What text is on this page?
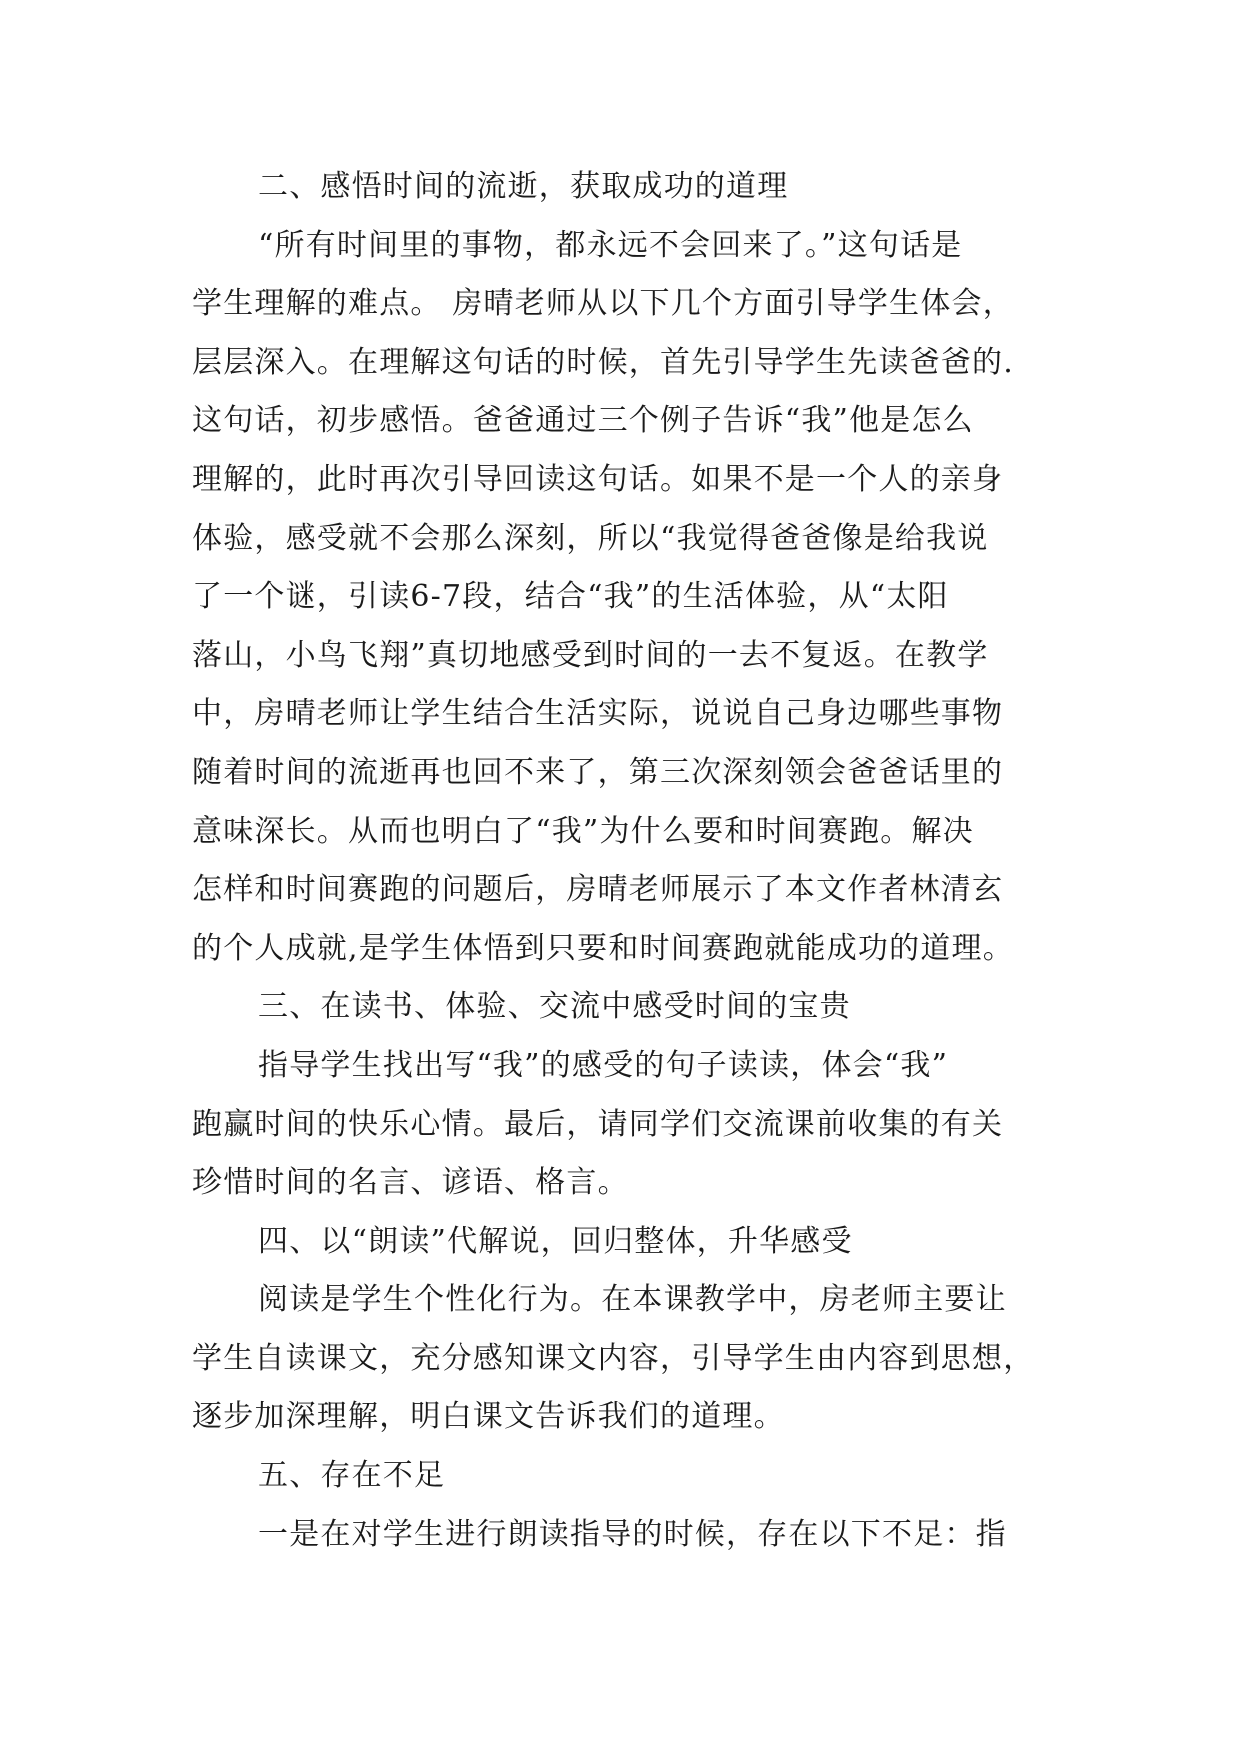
二、感悟时间的流逝，获取成功的道理
“所有时间里的事物，都永远不会回来了。”这句话是
学生理解的难点。 房晴老师从以下几个方面引导学生体会，
层层深入。在理解这句话的时候，首先引导学生先读爸爸的.
这句话，初步感悟。爸爸通过三个例子告诉“我”他是怎么
理解的，此时再次引导回读这句话。如果不是一个人的亲身
体验，感受就不会那么深刻，所以“我觉得爸爸像是给我说
了一个谜，引读6-7段，结合“我”的生活体验，从“太阳
落山，小鸟飞翔”真切地感受到时间的一去不复返。在教学
中，房晴老师让学生结合生活实际，说说自己身边哪些事物
随着时间的流逝再也回不来了，第三次深刻领会爸爸话里的
意味深长。从而也明白了“我”为什么要和时间赛跑。解决
怎样和时间赛跑的问题后，房晴老师展示了本文作者林清玄
的个人成就,是学生体悟到只要和时间赛跑就能成功的道理。
三、在读书、体验、交流中感受时间的宝贵
指导学生找出写“我”的感受的句子读读，体会“我”
跑赢时间的快乐心情。最后，请同学们交流课前收集的有关
珍惜时间的名言、谚语、格言。
四、以“朗读”代解说，回归整体，升华感受
阅读是学生个性化行为。在本课教学中，房老师主要让
学生自读课文，充分感知课文内容，引导学生由内容到思想，
逐步加深理解，明白课文告诉我们的道理。
五、存在不足
一是在对学生进行朗读指导的时候，存在以下不足：指
